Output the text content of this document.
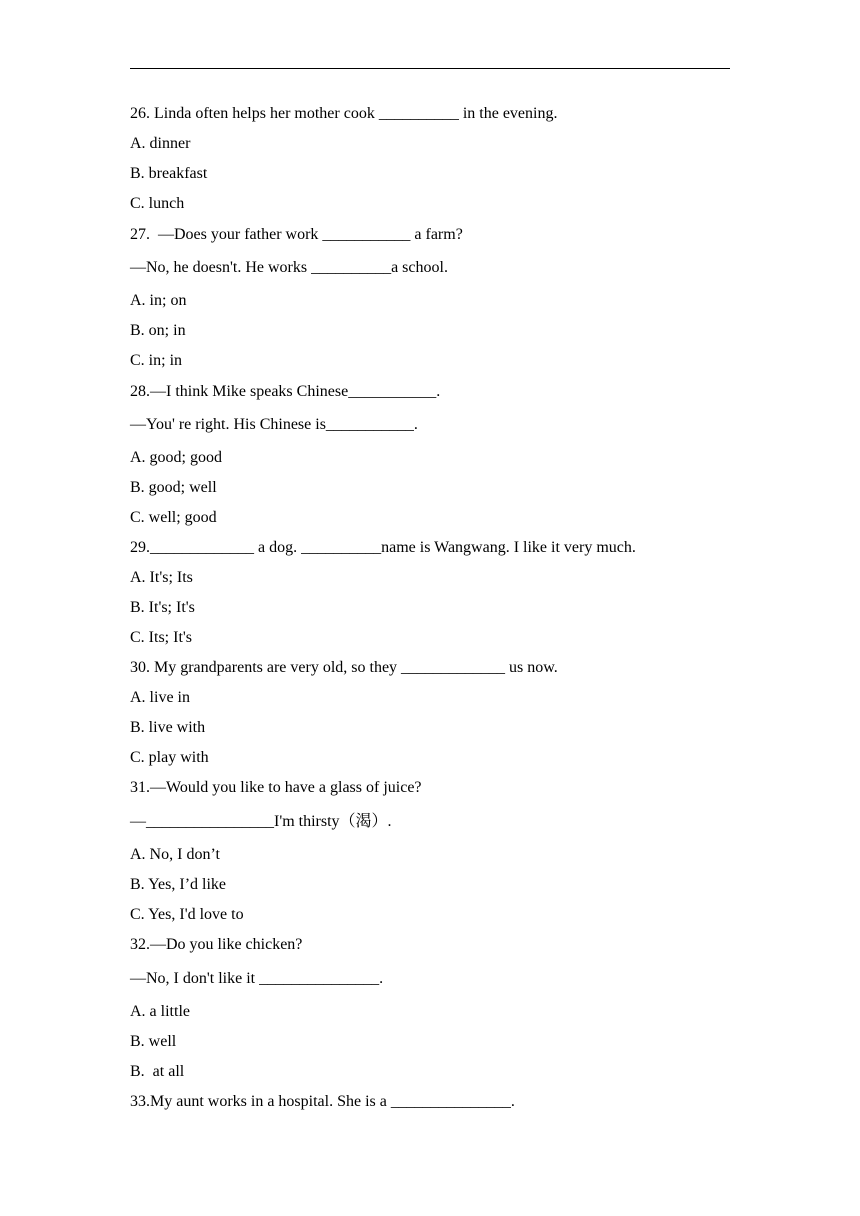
26. Linda often helps her mother cook __________ in the evening.
A. dinner
B. breakfast
C. lunch
27.  —Does your father work ___________ a farm?
—No, he doesn't. He works __________a school.
A. in; on
B. on; in
C. in; in
28.—I think Mike speaks Chinese___________.
—You' re right. His Chinese is___________.
A. good; good
B. good; well
C. well; good
29._____________ a dog. __________name is Wangwang. I like it very much.
A. It's; Its
B. It's; It's
C. Its; It's
30. My grandparents are very old, so they _____________ us now.
A. live in
B. live with
C. play with
31.—Would you like to have a glass of juice?
—________________I'm thirsty（渴）.
A. No, I don’t
B. Yes, I’d like
C. Yes, I'd love to
32.—Do you like chicken?
—No, I don't like it _______________.
A. a little
B. well
B.  at all
33.My aunt works in a hospital. She is a _______________.
